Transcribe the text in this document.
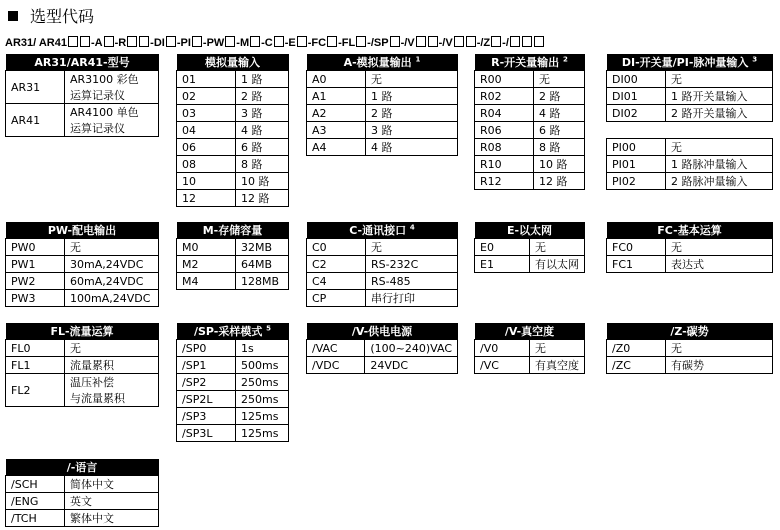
选型代码
AR31/ AR41 -A -R -DI -PI -PW -M -C -E -FC -FL -/SP -/V -/V -/Z -/
AR31/AR41-型号	
AR31	AR3100 彩色
	运算记录仪
AR41	AR4100 单色
	运算记录仪
模拟量输入	
01	1 路
02	2 路
03	3 路
04	4 路
06	6 路
08	8 路
10	10 路
12	12 路
A-模拟量输出 $^1$
A0	无
A1	1 路
A2	2 路
A3	3 路
A4	4 路
R-开关量输出 $^2$
R00	无
R02	2 路
R04	4 路
R06	6 路
R08	8 路
R10	10 路
R12	12 路
DI-开关量/PI-脉冲量输入 $^3$
DI00	无
DI01	1 路开关量输入
DI02	2 路开关量输入
PI00	无
PI01	1 路脉冲量输入
PI02	2 路脉冲量输入
PW-配电输出	
PW0	无
PW1	30mA,24VDC
PW2	60mA,24VDC
PW3	100mA,24VDC
M-存储容量	
M0	32MB
M2	64MB
M4	128MB
C-通讯接口 $^4$
C0	无
C2	RS-232C
C4	RS-485
CP	串行打印
E-以太网	
E0	无
E1	有以太网
FC-基本运算	
FC0	无
FC1	表达式
FL-流量运算	
FL0	无
FL1	流量累积
FL2	温压补偿
	与流量累积
/SP-采样模式 $^5$
/SP0	1s
/SP1	500ms
/SP2	250ms
/SP2L	250ms
/SP3	125ms
/SP3L	125ms
/V-供电电源	
/VAC	(100~240)VAC
/VDC	24VDC
/V-真空度	
/V0	无
/VC	有真空度
/Z-碳势	
/Z0	无
/ZC	有碳势
/-语言	
/SCH	简体中文
/ENG	英文
/TCH	繁体中文
